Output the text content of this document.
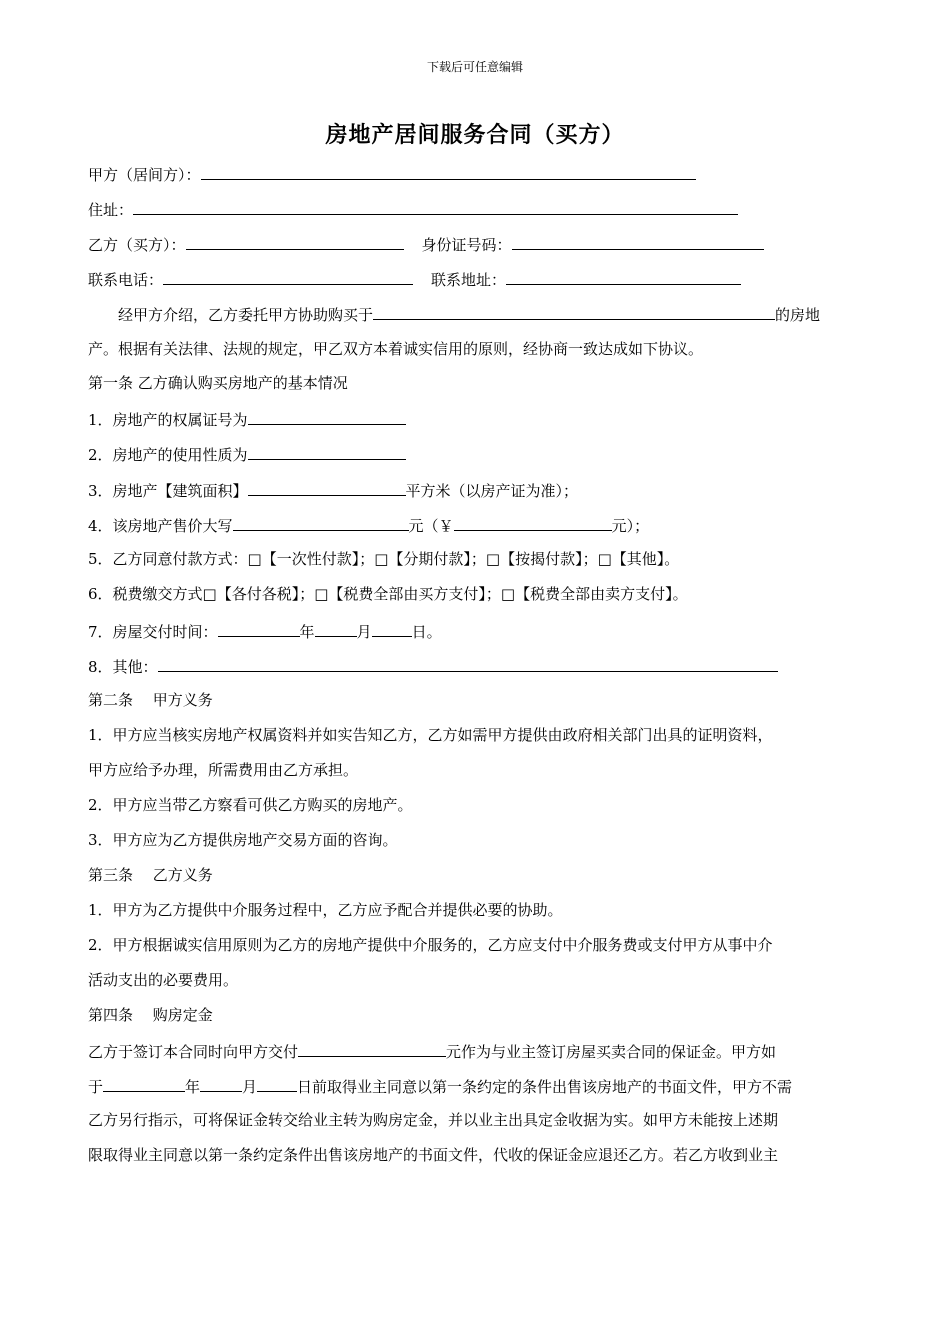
下载后可任意编辑
房地产居间服务合同（买方）
甲方（居间方）：
住址：
乙方（买方）：	身份证号码：
联系电话：	联系地址：
经甲方介绍，乙方委托甲方协助购买于	的房地
产。根据有关法律、法规的规定，甲乙双方本着诚实信用的原则，经协商一致达成如下协议。
第一条 乙方确认购买房地产的基本情况
1．房地产的权属证号为
2．房地产的使用性质为
3．房地产【建筑面积】	平方米（以房产证为准）；
4．该房地产售价大写	元（￥	元）；
5．乙方同意付款方式：□【一次性付款】；□【分期付款】；□【按揭付款】；□【其他】。
6．税费缴交方式□【各付各税】；□【税费全部由买方支付】；□【税费全部由卖方支付】。
7．房屋交付时间：	年	月	日。
8．其他：
第二条　 甲方义务
1．甲方应当核实房地产权属资料并如实告知乙方，乙方如需甲方提供由政府相关部门出具的证明资料，
甲方应给予办理，所需费用由乙方承担。
2．甲方应当带乙方察看可供乙方购买的房地产。
3．甲方应为乙方提供房地产交易方面的咨询。
第三条　 乙方义务
1．甲方为乙方提供中介服务过程中，乙方应予配合并提供必要的协助。
2．甲方根据诚实信用原则为乙方的房地产提供中介服务的，乙方应支付中介服务费或支付甲方从事中介
活动支出的必要费用。
第四条　 购房定金
乙方于签订本合同时向甲方交付	元作为与业主签订房屋买卖合同的保证金。甲方如
于	年	月	日前取得业主同意以第一条约定的条件出售该房地产的书面文件，甲方不需
乙方另行指示，可将保证金转交给业主转为购房定金，并以业主出具定金收据为实。如甲方未能按上述期
限取得业主同意以第一条约定条件出售该房地产的书面文件，代收的保证金应退还乙方。若乙方收到业主
